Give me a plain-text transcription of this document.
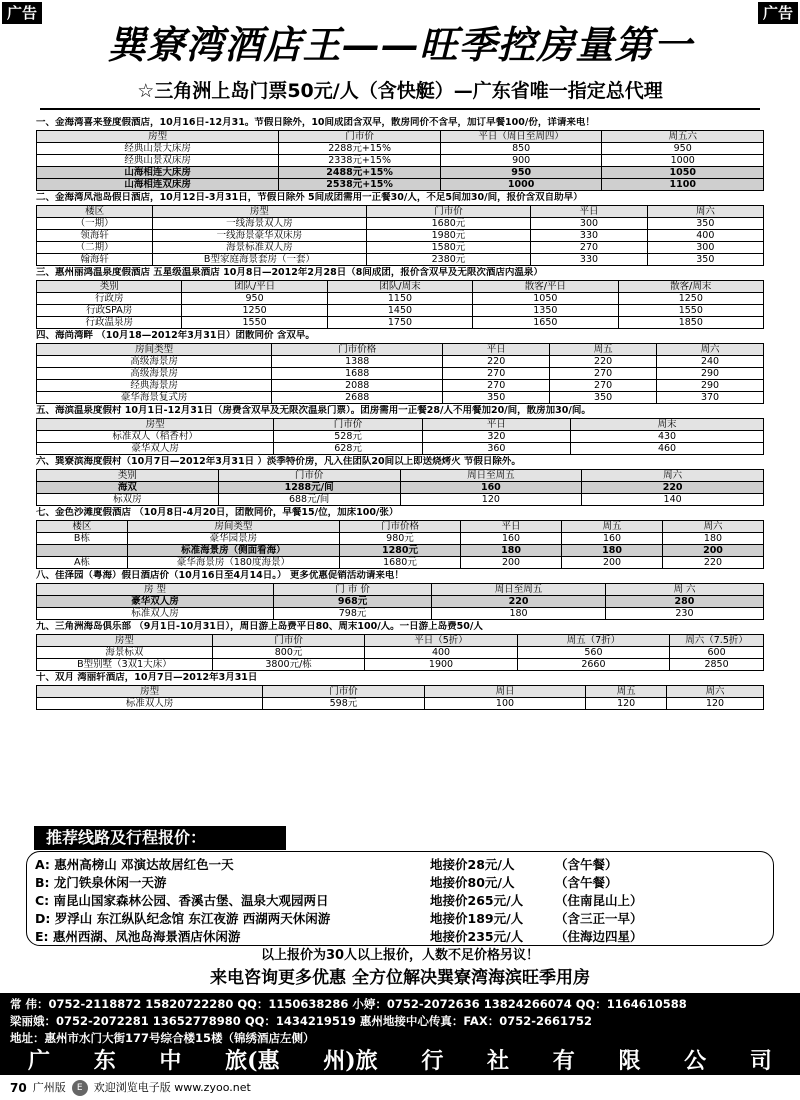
广告	广告
巽寮湾酒店王——旺季控房量第一
☆三角洲上岛门票50元/人（含快艇）—广东省唯一指定总代理
一、金海湾喜来登度假酒店，10月16日-12月31。节假日除外，10间成团含双早，散房同价不含早，加订早餐100/份，详请来电！
房型	门市价	平日（周日至周四）	周五六
经典山景大床房	2288元+15%	850	950
经典山景双床房	2338元+15%	900	1000
山海相连大床房	2488元+15%	950	1050
山海相连双床房	2538元+15%	1000	1100
二、金海湾凤池岛假日酒店，10月12日-3月31日，节假日除外 5间成团需用一正餐30/人，不足5间加30/间，报价含双自助早）
楼区	房型	门市价	平日	周六
（一期）	一线海景双人房	1680元	300	350
领海轩	一线海景豪华双床房	1980元	330	400
（二期）	海景标准双人房	1580元	270	300
翰海轩	B型家庭海景套房（一套）	2380元	330	350
三、惠州丽鸿温泉度假酒店 五星级温泉酒店 10月8日—2012年2月28日（8间成团，报价含双早及无限次酒店内温泉）
类别	团队/平日	团队/周末	散客/平日	散客/周末
行政房	950	1150	1050	1250
行政SPA房	1250	1450	1350	1550
行政温泉房	1550	1750	1650	1850
四、海尚湾畔 （10月18—2012年3月31日）团散同价 含双早。
房间类型	门市价格	平日	周五	周六
高级海景房	1388	220	220	240
高级海景房	1688	270	270	290
经典海景房	2088	270	270	290
豪华海景复式房	2688	350	350	370
五、海滨温泉度假村 10月1日-12月31日（房费含双早及无限次温泉门票）。团房需用一正餐28/人不用餐加20/间，散房加30/间。
房型	门市价	平日	周末
标准双人（稻香村）	528元	320	430
豪华双人房	628元	360	460
六、巽寮滨海度假村（10月7日—2012年3月31日 ）淡季特价房，凡入住团队20间以上即送烧烤火 节假日除外。
类别	门市价	周日至周五	周六
海双	1288元/间	160	220
标双房	688元/间	120	140
七、金色沙滩度假酒店 （10月8日-4月20日，团散同价，早餐15/位，加床100/张）
楼区	房间类型	门市价格	平日	周五	周六
B栋	豪华园景房	980元	160	160	180
	标准海景房（侧面看海）	1280元	180	180	200
A栋	豪华海景房（180度海景）	1680元	200	200	220
八、佳泽园（粤海）假日酒店价（10月16日至4月14日。） 更多优惠促销活动请来电！
房 型	门 市 价	周日至周五	周 六
豪华双人房	968元	220	280
标准双人房	798元	180	230
九、三角洲海岛俱乐部 （9月1日-10月31日），周日游上岛费平日80、周末100/人。一日游上岛费50/人
房型	门市价	平日（5折）	周五（7折）	周六（7.5折）
海景标双	800元	400	560	600
B型别墅（3双1大床）	3800元/栋	1900	2660	2850
十、双月 湾丽轩酒店，10月7日—2012年3月31日
房型	门市价	周日	周五	周六
标准双人房	598元	100	120	120
推荐线路及行程报价：
A: 惠州高榜山 邓演达故居红色一天	地接价28元/人	（含午餐）
B: 龙门铁泉休闲一天游	地接价80元/人	（含午餐）
C: 南昆山国家森林公园、香溪古堡、温泉大观园两日	地接价265元/人	（住南昆山上）
D: 罗浮山 东江纵队纪念馆 东江夜游 西湖两天休闲游	地接价189元/人	（含三正一早）
E: 惠州西湖、凤池岛海景酒店休闲游	地接价235元/人	（住海边四星）
以上报价为30人以上报价，人数不足价格另议！
来电咨询更多优惠 全方位解决巽寮湾海滨旺季用房
常 伟：0752-2118872 15820722280 QQ：1150638286 小婷：0752-2072636 13824266074 QQ：1164610588
梁丽娥：0752-2072281 13652778980 QQ：1434219519 惠州地接中心传真：FAX：0752-2661752
地址：惠州市水门大街177号综合楼15楼（锦绣酒店左侧）
广 东 中 旅(惠 州)旅 行 社 有 限 公 司
70 广州版	E	欢迎浏览电子版 www.zyoo.net
